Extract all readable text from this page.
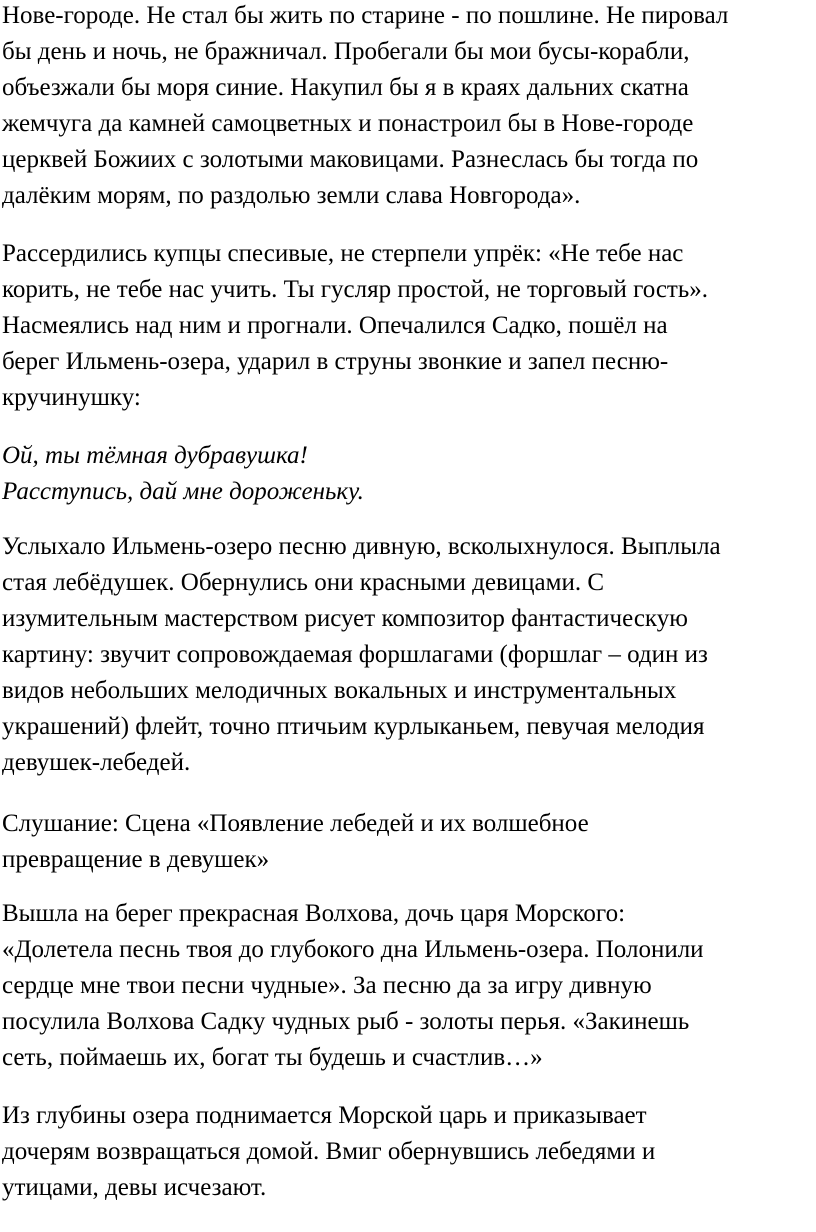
Нове-городе. Не стал бы жить по старине - по пошлине. Не пировал
бы день и ночь, не бражничал. Пробегали бы мои бусы-корабли,
объезжали бы моря синие. Накупил бы я в краях дальних скатна
жемчуга да камней самоцветных и понастроил бы в Нове-городе
церквей Божиих с золотыми маковицами. Разнеслась бы тогда по
далёким морям, по раздолью земли слава Новгорода».

Рассердились купцы спесивые, не стерпели упрёк: «Не тебе нас
корить, не тебе нас учить. Ты гусляр простой, не торговый гость».
Насмеялись над ним и прогнали. Опечалился Садко, пошёл на
берег Ильмень-озера, ударил в струны звонкие и запел песню-
кручинушку:

Ой, ты тёмная дубравушка!
Расступись, дай мне дороженьку.

Услыхало Ильмень-озеро песню дивную, всколыхнулося. Выплыла
стая лебёдушек. Обернулись они красными девицами. С
изумительным мастерством рисует композитор фантастическую
картину: звучит сопровождаемая форшлагами (форшлаг – один из
видов небольших мелодичных вокальных и инструментальных
украшений) флейт, точно птичьим курлыканьем, певучая мелодия
девушек-лебедей.

Слушание: Сцена «Появление лебедей и их волшебное
превращение в девушек»

Вышла на берег прекрасная Волхова, дочь царя Морского:
«Долетела песнь твоя до глубокого дна Ильмень-озера. Полонили
сердце мне твои песни чудные». За песню да за игру дивную
посулила Волхова Садку чудных рыб - золоты перья. «Закинешь
сеть, поймаешь их, богат ты будешь и счастлив…»

Из глубины озера поднимается Морской царь и приказывает
дочерям возвращаться домой. Вмиг обернувшись лебедями и
утицами, девы исчезают.
